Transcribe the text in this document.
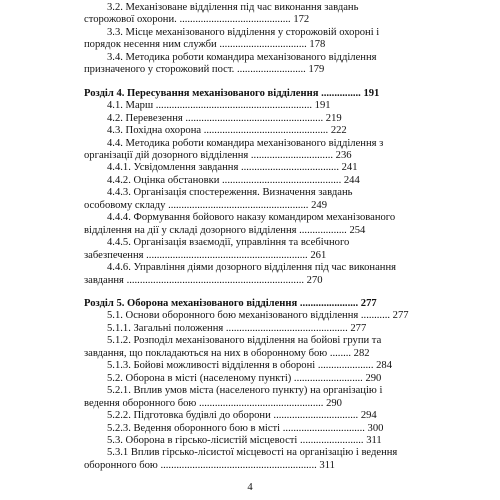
3.2. Механізоване відділення під час виконання завдань
сторожової охорони. .......................................... 172
3.3. Місце механізованого відділення у сторожовій охороні і
порядок несення ним служби ................................. 178
3.4. Методика роботи командира механізованого відділення
призначеного у сторожовий пост. .......................... 179
Розділ 4. Пересування механізованого відділення ............... 191
4.1. Марш ........................................................... 191
4.2. Перевезення .................................................... 219
4.3. Похідна охорона ............................................... 222
4.4. Методика роботи командира механізованого відділення з
організації дій дозорного відділення ............................... 236
4.4.1. Усвідомлення завдання ..................................... 241
4.4.2. Оцінка обстановки ............................................. 244
4.4.3. Організація спостереження. Визначення завдань
особовому складу ..................................................... 249
4.4.4. Формування бойового наказу командиром механізованого
відділення на дії у складі дозорного відділення .................. 254
4.4.5. Організація взаємодії, управління та всебічного
забезпечення ............................................................. 261
4.4.6. Управління діями дозорного відділення під час виконання
завдання ................................................................... 270
Розділ 5. Оборона механізованого відділення ...................... 277
5.1. Основи оборонного бою механізованого відділення ........... 277
5.1.1. Загальні положення .............................................. 277
5.1.2. Розподіл механізованого відділення на бойові групи та
завдання, що покладаються на них в оборонному бою ........ 282
5.1.3. Бойові можливості відділення в обороні ..................... 284
5.2. Оборона в місті (населеному пункті) .......................... 290
5.2.1. Вплив умов міста (населеного пункту) на організацію і
ведення оборонного бою ............................................... 290
5.2.2. Підготовка будівлі до оборони ................................ 294
5.2.3. Ведення оборонного бою в місті ............................... 300
5.3. Оборона в гірсько-лісистій місцевості ........................ 311
5.3.1 Вплив гірсько-лісистої місцевості на організацію і ведення
оборонного бою ........................................................... 311
4
